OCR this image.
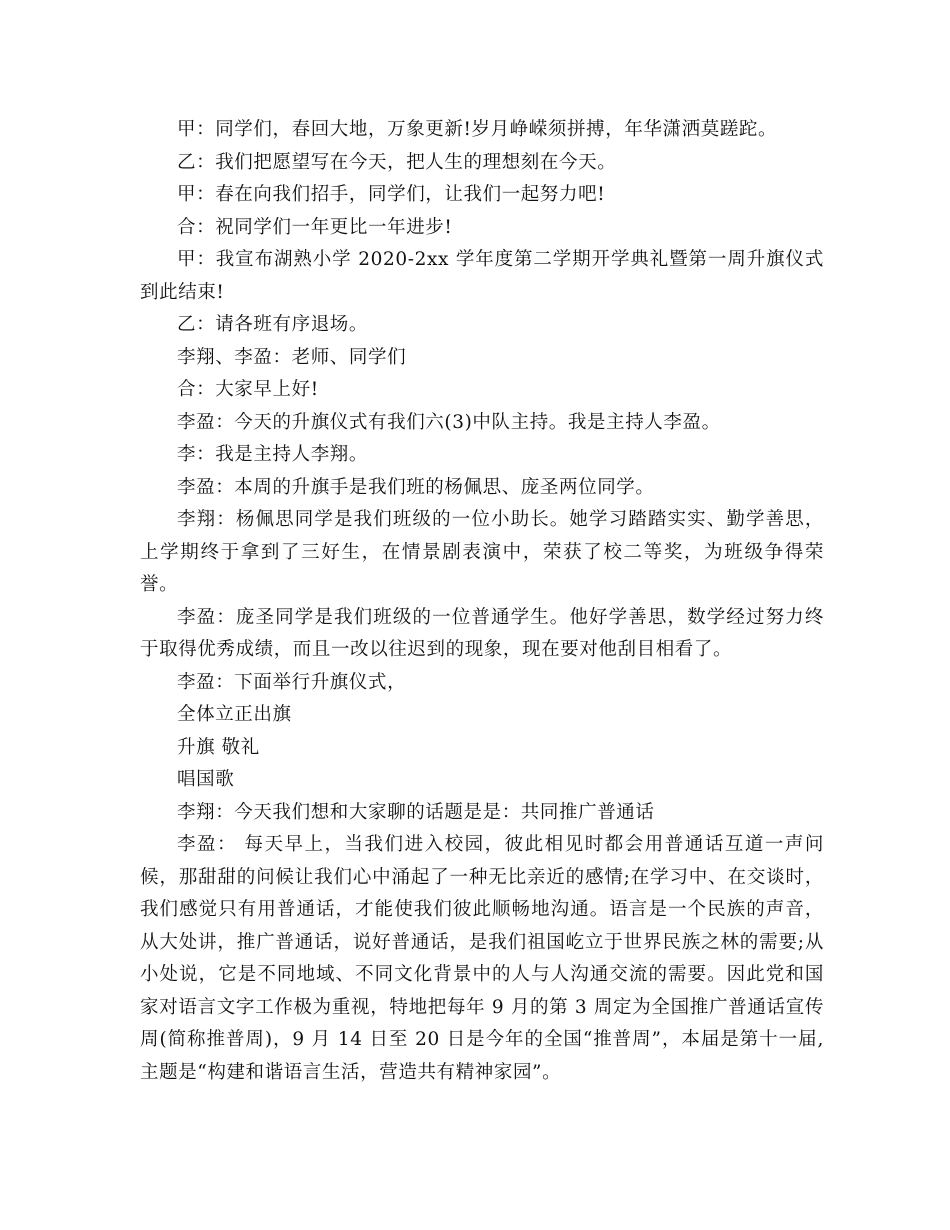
甲：同学们，春回大地，万象更新!岁月峥嵘须拼搏，年华潇洒莫蹉跎。

乙：我们把愿望写在今天，把人生的理想刻在今天。

甲：春在向我们招手，同学们，让我们一起努力吧!

合：祝同学们一年更比一年进步!

甲：我宣布湖熟小学 2020-2xx 学年度第二学期开学典礼暨第一周升旗仪式到此结束!

乙：请各班有序退场。

李翔、李盈：老师、同学们

合：大家早上好!

李盈：今天的升旗仪式有我们六(3)中队主持。我是主持人李盈。

李：我是主持人李翔。

李盈：本周的升旗手是我们班的杨佩思、庞圣两位同学。

李翔：杨佩思同学是我们班级的一位小助长。她学习踏踏实实、勤学善思，上学期终于拿到了三好生，在情景剧表演中，荣获了校二等奖，为班级争得荣誉。

李盈：庞圣同学是我们班级的一位普通学生。他好学善思，数学经过努力终于取得优秀成绩，而且一改以往迟到的现象，现在要对他刮目相看了。

李盈：下面举行升旗仪式，

全体立正出旗

升旗 敬礼

唱国歌

李翔：今天我们想和大家聊的话题是是：共同推广普通话

李盈： 每天早上，当我们进入校园，彼此相见时都会用普通话互道一声问候，那甜甜的问候让我们心中涌起了一种无比亲近的感情;在学习中、在交谈时，我们感觉只有用普通话，才能使我们彼此顺畅地沟通。语言是一个民族的声音，从大处讲，推广普通话，说好普通话，是我们祖国屹立于世界民族之林的需要;从小处说，它是不同地域、不同文化背景中的人与人沟通交流的需要。因此党和国家对语言文字工作极为重视，特地把每年 9 月的第 3 周定为全国推广普通话宣传周(简称推普周)，9 月 14 日至 20 日是今年的全国“推普周”，本届是第十一届,主题是“构建和谐语言生活，营造共有精神家园”。
